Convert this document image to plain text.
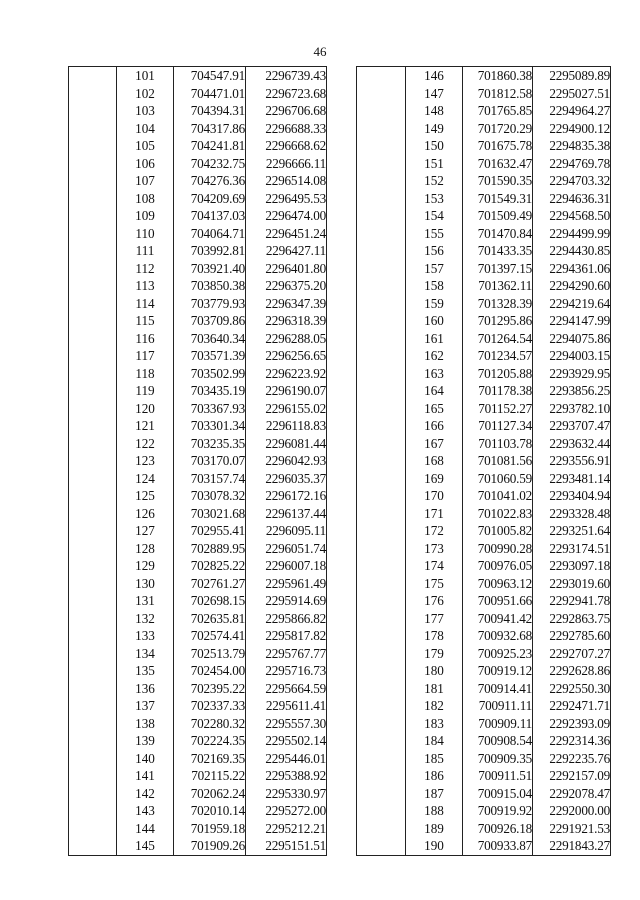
46
	101	704547.91	2296739.43
	102	704471.01	2296723.68
	103	704394.31	2296706.68
	104	704317.86	2296688.33
	105	704241.81	2296668.62
	106	704232.75	2296666.11
	107	704276.36	2296514.08
	108	704209.69	2296495.53
	109	704137.03	2296474.00
	110	704064.71	2296451.24
	111	703992.81	2296427.11
	112	703921.40	2296401.80
	113	703850.38	2296375.20
	114	703779.93	2296347.39
	115	703709.86	2296318.39
	116	703640.34	2296288.05
	117	703571.39	2296256.65
	118	703502.99	2296223.92
	119	703435.19	2296190.07
	120	703367.93	2296155.02
	121	703301.34	2296118.83
	122	703235.35	2296081.44
	123	703170.07	2296042.93
	124	703157.74	2296035.37
	125	703078.32	2296172.16
	126	703021.68	2296137.44
	127	702955.41	2296095.11
	128	702889.95	2296051.74
	129	702825.22	2296007.18
	130	702761.27	2295961.49
	131	702698.15	2295914.69
	132	702635.81	2295866.82
	133	702574.41	2295817.82
	134	702513.79	2295767.77
	135	702454.00	2295716.73
	136	702395.22	2295664.59
	137	702337.33	2295611.41
	138	702280.32	2295557.30
	139	702224.35	2295502.14
	140	702169.35	2295446.01
	141	702115.22	2295388.92
	142	702062.24	2295330.97
	143	702010.14	2295272.00
	144	701959.18	2295212.21
	145	701909.26	2295151.51
	146	701860.38	2295089.89
	147	701812.58	2295027.51
	148	701765.85	2294964.27
	149	701720.29	2294900.12
	150	701675.78	2294835.38
	151	701632.47	2294769.78
	152	701590.35	2294703.32
	153	701549.31	2294636.31
	154	701509.49	2294568.50
	155	701470.84	2294499.99
	156	701433.35	2294430.85
	157	701397.15	2294361.06
	158	701362.11	2294290.60
	159	701328.39	2294219.64
	160	701295.86	2294147.99
	161	701264.54	2294075.86
	162	701234.57	2294003.15
	163	701205.88	2293929.95
	164	701178.38	2293856.25
	165	701152.27	2293782.10
	166	701127.34	2293707.47
	167	701103.78	2293632.44
	168	701081.56	2293556.91
	169	701060.59	2293481.14
	170	701041.02	2293404.94
	171	701022.83	2293328.48
	172	701005.82	2293251.64
	173	700990.28	2293174.51
	174	700976.05	2293097.18
	175	700963.12	2293019.60
	176	700951.66	2292941.78
	177	700941.42	2292863.75
	178	700932.68	2292785.60
	179	700925.23	2292707.27
	180	700919.12	2292628.86
	181	700914.41	2292550.30
	182	700911.11	2292471.71
	183	700909.11	2292393.09
	184	700908.54	2292314.36
	185	700909.35	2292235.76
	186	700911.51	2292157.09
	187	700915.04	2292078.47
	188	700919.92	2292000.00
	189	700926.18	2291921.53
	190	700933.87	2291843.27
